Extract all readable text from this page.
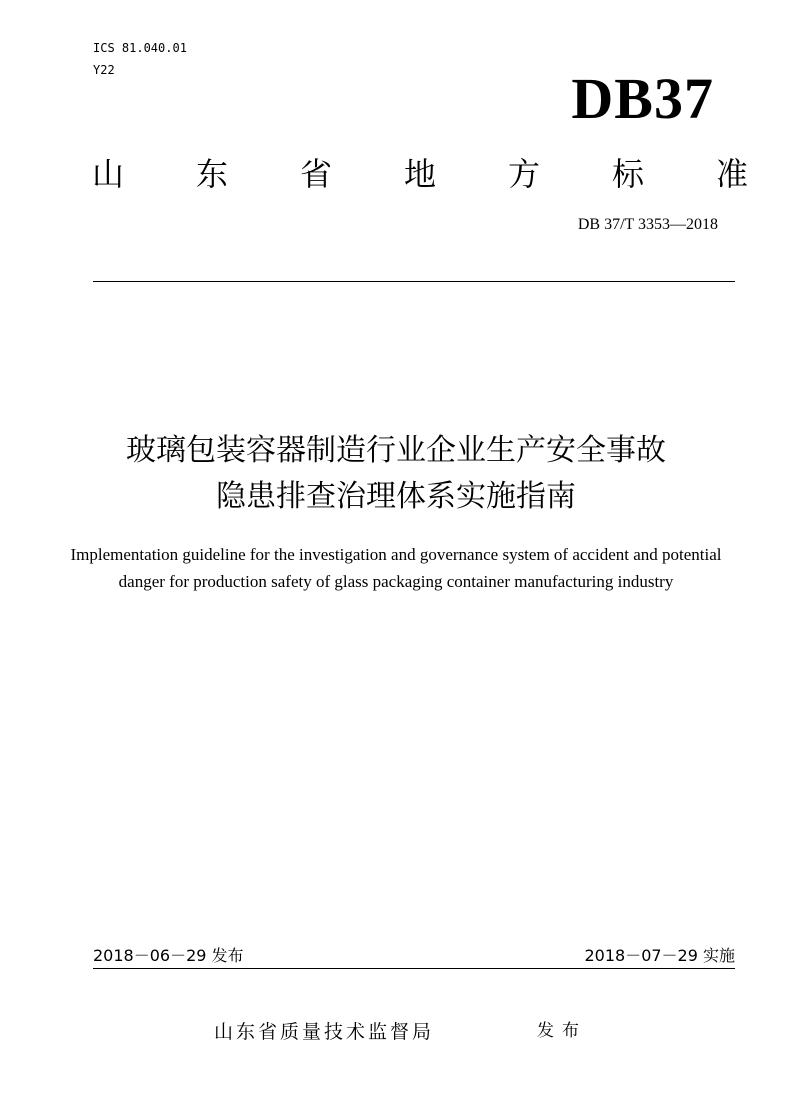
ICS 81.040.01
Y22	DB37
山 东 省 地 方 标 准
DB 37/T 3353—2018
玻璃包装容器制造行业企业生产安全事故
隐患排查治理体系实施指南
Implementation guideline for the investigation and governance system of accident and potential danger for production safety of glass packaging container manufacturing industry
2018－06－29 发布	2018－07－29 实施
山东省质量技术监督局	发布
